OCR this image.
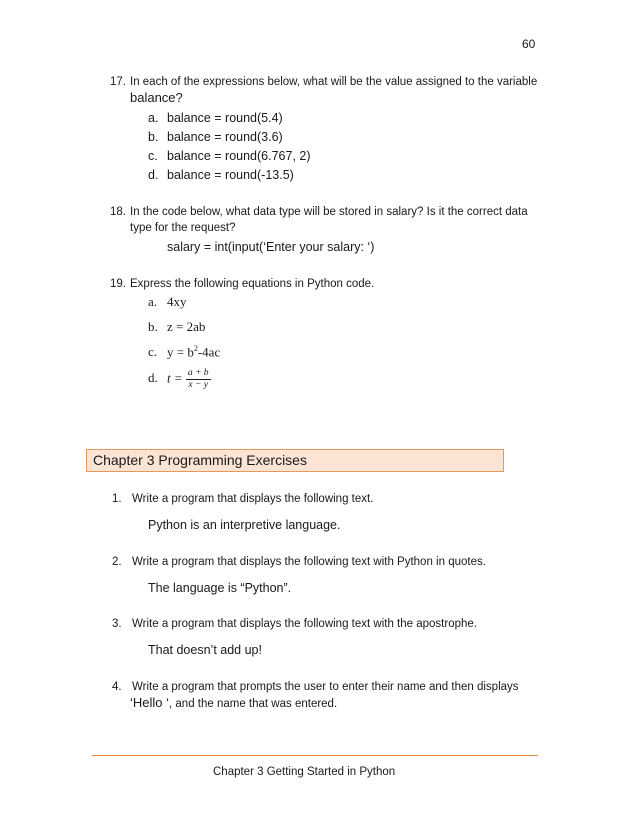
60
17. In each of the expressions below, what will be the value assigned to the variable
balance?
a. balance = round(5.4)
b. balance = round(3.6)
c. balance = round(6.767, 2)
d. balance = round(-13.5)
18. In the code below, what data type will be stored in salary? Is it the correct data
type for the request?
salary = int(input(‘Enter your salary: ‘)
19. Express the following equations in Python code.
a. 4xy
b. z = 2ab
c. $y = b^2-4ac$
d. $t = \frac{a + b}{x - y}$
Chapter 3 Programming Exercises
1. Write a program that displays the following text.
Python is an interpretive language.
2. Write a program that displays the following text with Python in quotes.
The language is “Python”.
3. Write a program that displays the following text with the apostrophe.
That doesn’t add up!
4. Write a program that prompts the user to enter their name and then displays
‘Hello ‘, and the name that was entered.
Chapter 3 Getting Started in Python
